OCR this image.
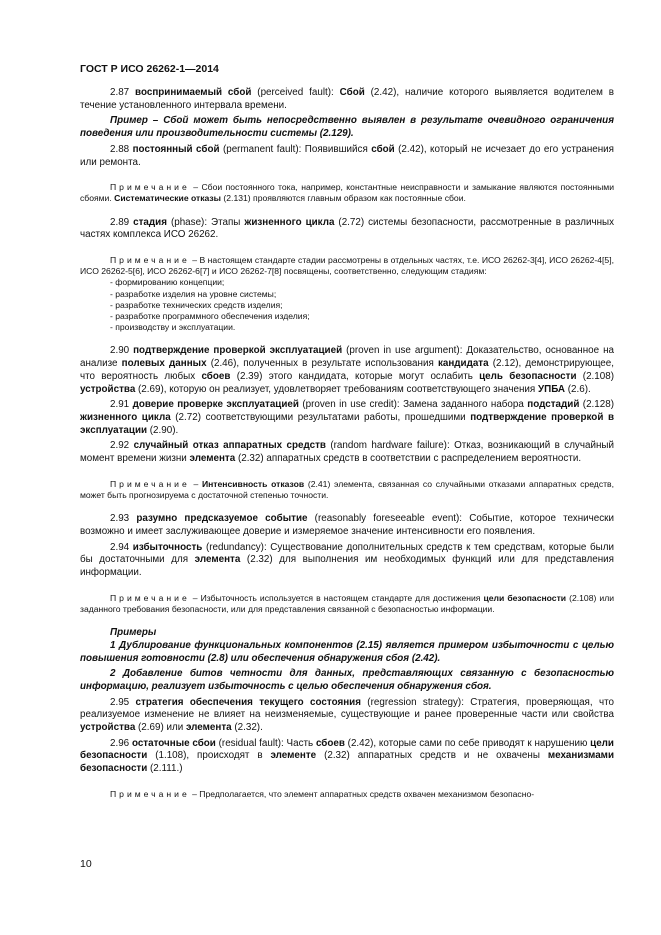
ГОСТ Р ИСО 26262-1—2014
2.87 воспринимаемый сбой (perceived fault): Сбой (2.42), наличие которого выявляется водителем в течение установленного интервала времени.
Пример – Сбой может быть непосредственно выявлен в результате очевидного ограничения поведения или производительности системы (2.129).
2.88 постоянный сбой (permanent fault): Появившийся сбой (2.42), который не исчезает до его устранения или ремонта.
Примечание – Сбои постоянного тока, например, константные неисправности и замыкание являются постоянными сбоями. Систематические отказы (2.131) проявляются главным образом как постоянные сбои.
2.89 стадия (phase): Этапы жизненного цикла (2.72) системы безопасности, рассмотренные в различных частях комплекса ИСО 26262.
Примечание – В настоящем стандарте стадии рассмотрены в отдельных частях, т.е. ИСО 26262-3[4], ИСО 26262-4[5], ИСО 26262-5[6], ИСО 26262-6[7] и ИСО 26262-7[8] посвящены, соответственно, следующим стадиям:
- формированию концепции;
- разработке изделия на уровне системы;
- разработке технических средств изделия;
- разработке программного обеспечения изделия;
- производству и эксплуатации.
2.90 подтверждение проверкой эксплуатацией (proven in use argument): Доказательство, основанное на анализе полевых данных (2.46), полученных в результате использования кандидата (2.12), демонстрирующее, что вероятность любых сбоев (2.39) этого кандидата, которые могут ослабить цель безопасности (2.108) устройства (2.69), которую он реализует, удовлетворяет требованиям соответствующего значения УПБА (2.6).
2.91 доверие проверке эксплуатацией (proven in use credit): Замена заданного набора подстадий (2.128) жизненного цикла (2.72) соответствующими результатами работы, прошедшими подтверждение проверкой в эксплуатации (2.90).
2.92 случайный отказ аппаратных средств (random hardware failure): Отказ, возникающий в случайный момент времени жизни элемента (2.32) аппаратных средств в соответствии с распределением вероятности.
Примечание – Интенсивность отказов (2.41) элемента, связанная со случайными отказами аппаратных средств, может быть прогнозируема с достаточной степенью точности.
2.93 разумно предсказуемое событие (reasonably foreseeable event): Событие, которое технически возможно и имеет заслуживающее доверие и измеряемое значение интенсивности его появления.
2.94 избыточность (redundancy): Существование дополнительных средств к тем средствам, которые были бы достаточными для элемента (2.32) для выполнения им необходимых функций или для представления информации.
Примечание – Избыточность используется в настоящем стандарте для достижения цели безопасности (2.108) или заданного требования безопасности, или для представления связанной с безопасностью информации.
Примеры
1 Дублирование функциональных компонентов (2.15) является примером избыточности с целью повышения готовности (2.8) или обеспечения обнаружения сбоя (2.42).
2 Добавление битов четности для данных, представляющих связанную с безопасностью информацию, реализует избыточность с целью обеспечения обнаружения сбоя.
2.95 стратегия обеспечения текущего состояния (regression strategy): Стратегия, проверяющая, что реализуемое изменение не влияет на неизменяемые, существующие и ранее проверенные части или свойства устройства (2.69) или элемента (2.32).
2.96 остаточные сбои (residual fault): Часть сбоев (2.42), которые сами по себе приводят к нарушению цели безопасности (1.108), происходят в элементе (2.32) аппаратных средств и не охвачены механизмами безопасности (2.111.)
Примечание – Предполагается, что элемент аппаратных средств охвачен механизмом безопасно-
10
